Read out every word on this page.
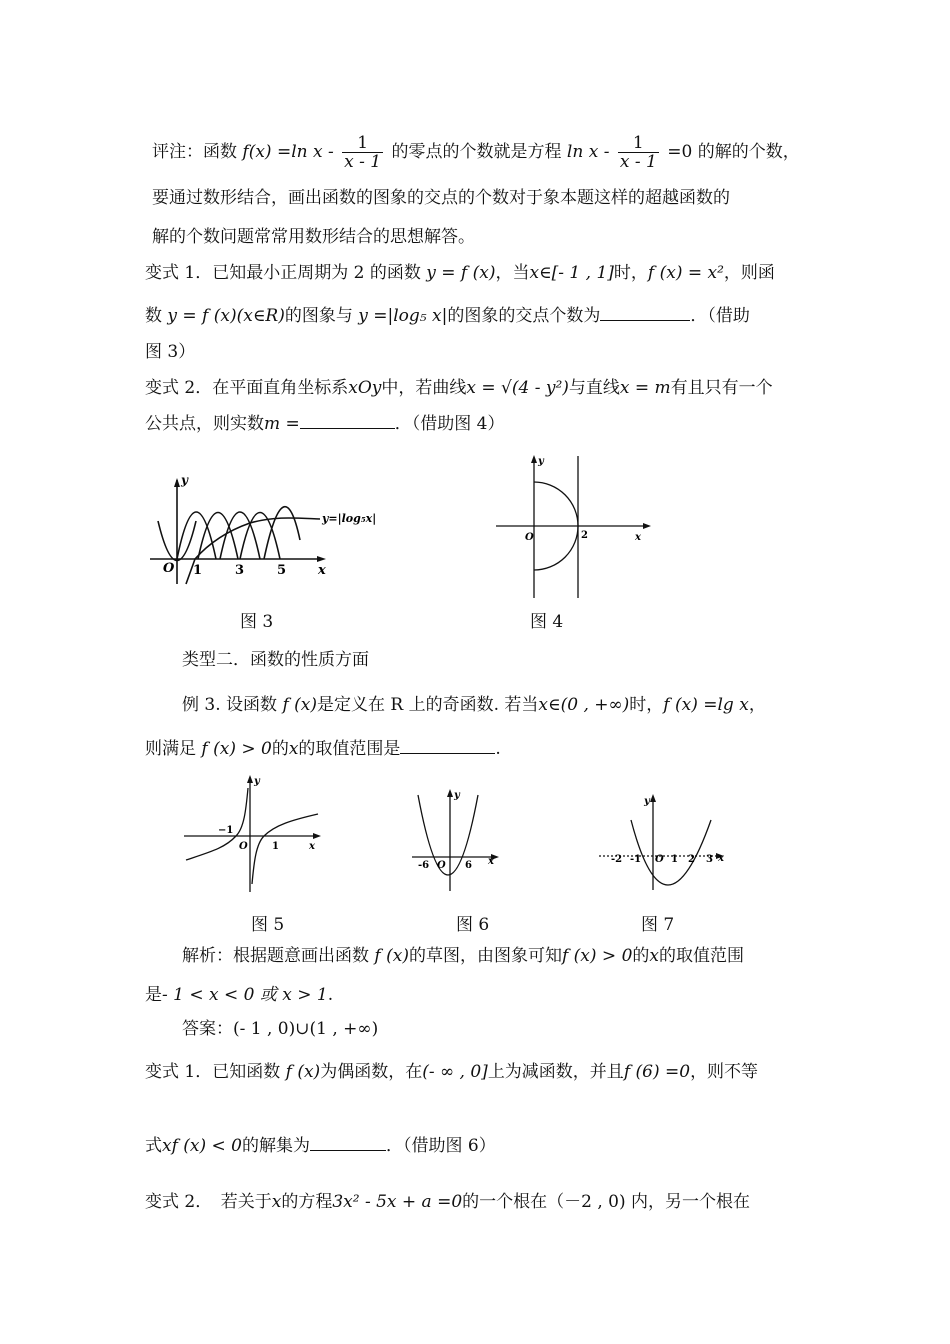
评注：函数 f(x) =ln x - $\frac{1}{x - 1}$ 的零点的个数就是方程 $\ln x - \frac{1}{x - 1} =0$ 的解的个数，
要通过数形结合，画出函数的图象的交点的个数对于象本题这样的超越函数的
解的个数问题常常用数形结合的思想解答。
变式 1．已知最小正周期为 2 的函数 y = f (x)，当x∈[- 1 , 1]时，f (x) = x²，则函
数 y = f (x)(x∈R)的图象与 y =|log₅ x|的图象的交点个数为	．（借助
图 3）
变式 2．在平面直角坐标系xOy中，若曲线x = √(4 - y²)与直线x = m有且只有一个
公共点，则实数m =	．（借助图 4）
y
x
O 1	3	5
y=|log₅x|
图 3
y
x
O	2
图 4
类型二．函数的性质方面
例 3. 设函数 f (x)是定义在 R 上的奇函数. 若当x∈(0 , +∞)时，f (x) =lg x，
则满足 f (x) > 0的x的取值范围是	.
y
x
O
−1
1
图 5
y
x
O
-6	6
图 6
y
x
O
-2 -1	1 2 3
图 7
解析：根据题意画出函数 f (x)的草图，由图象可知f (x) > 0的x的取值范围
是- 1 < x < 0 或 x > 1.
答案：(- 1 , 0)∪(1 , +∞)
变式 1．已知函数 f (x)为偶函数，在(- ∞ , 0]上为减函数，并且f (6) =0，则不等
式xf (x) < 0的解集为	．（借助图 6）
变式 2．　若关于x的方程3x² - 5x + a =0的一个根在（－2 , 0) 内，另一个根在
